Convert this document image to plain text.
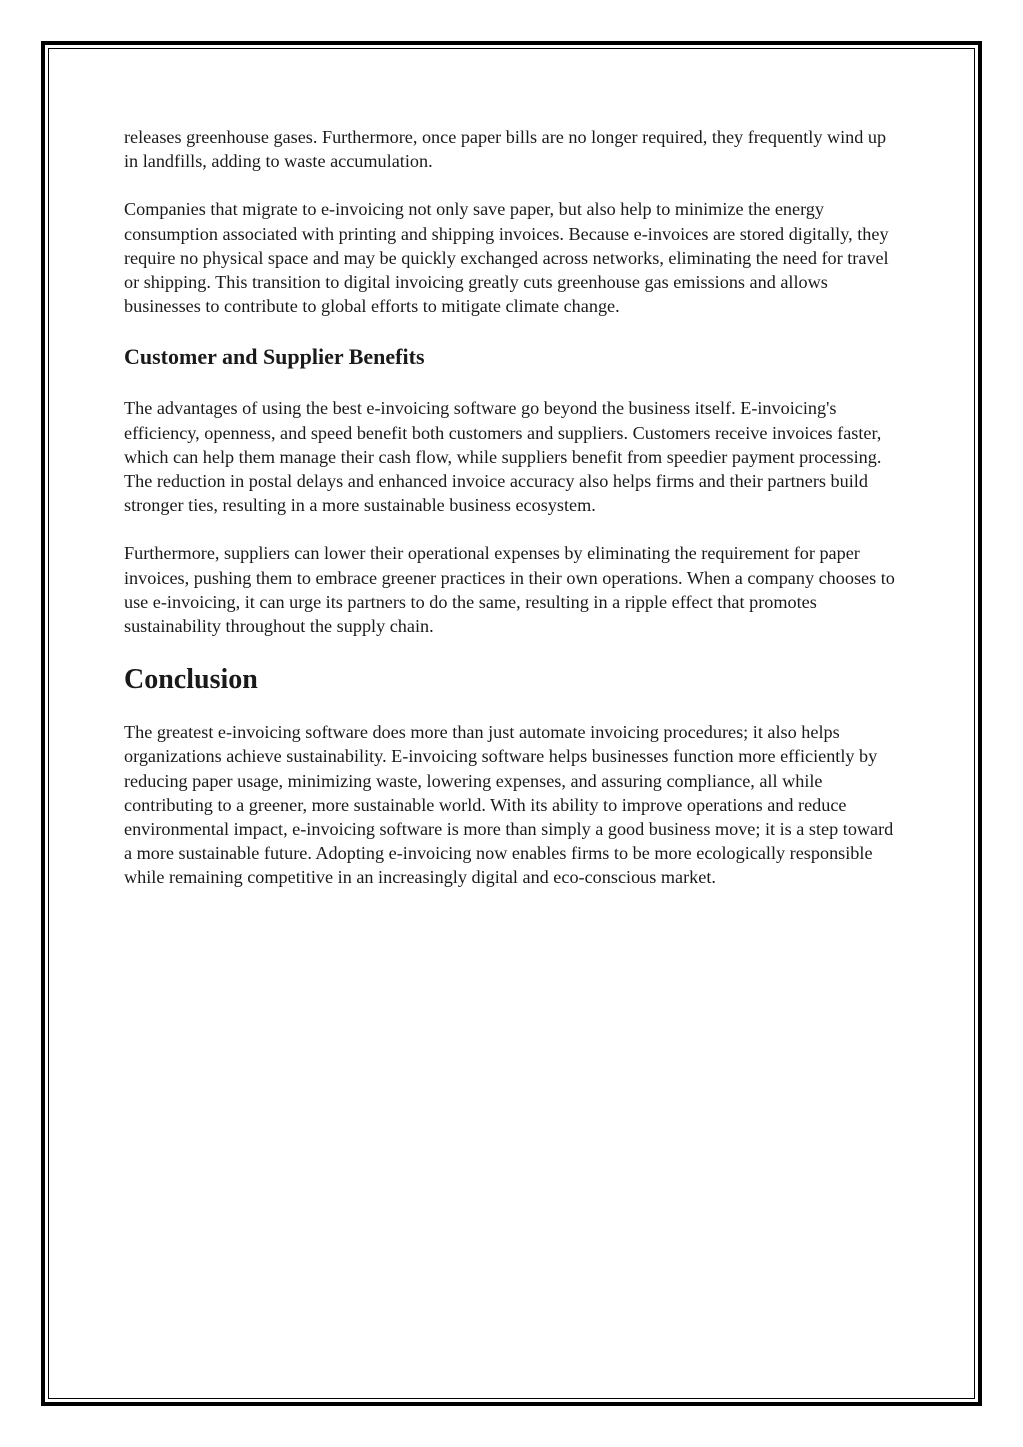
releases greenhouse gases. Furthermore, once paper bills are no longer required, they frequently wind up in landfills, adding to waste accumulation.

Companies that migrate to e-invoicing not only save paper, but also help to minimize the energy consumption associated with printing and shipping invoices. Because e-invoices are stored digitally, they require no physical space and may be quickly exchanged across networks, eliminating the need for travel or shipping. This transition to digital invoicing greatly cuts greenhouse gas emissions and allows businesses to contribute to global efforts to mitigate climate change.

Customer and Supplier Benefits

The advantages of using the best e-invoicing software go beyond the business itself. E-invoicing's efficiency, openness, and speed benefit both customers and suppliers. Customers receive invoices faster, which can help them manage their cash flow, while suppliers benefit from speedier payment processing. The reduction in postal delays and enhanced invoice accuracy also helps firms and their partners build stronger ties, resulting in a more sustainable business ecosystem.

Furthermore, suppliers can lower their operational expenses by eliminating the requirement for paper invoices, pushing them to embrace greener practices in their own operations. When a company chooses to use e-invoicing, it can urge its partners to do the same, resulting in a ripple effect that promotes sustainability throughout the supply chain.

Conclusion

The greatest e-invoicing software does more than just automate invoicing procedures; it also helps organizations achieve sustainability. E-invoicing software helps businesses function more efficiently by reducing paper usage, minimizing waste, lowering expenses, and assuring compliance, all while contributing to a greener, more sustainable world. With its ability to improve operations and reduce environmental impact, e-invoicing software is more than simply a good business move; it is a step toward a more sustainable future. Adopting e-invoicing now enables firms to be more ecologically responsible while remaining competitive in an increasingly digital and eco-conscious market.
